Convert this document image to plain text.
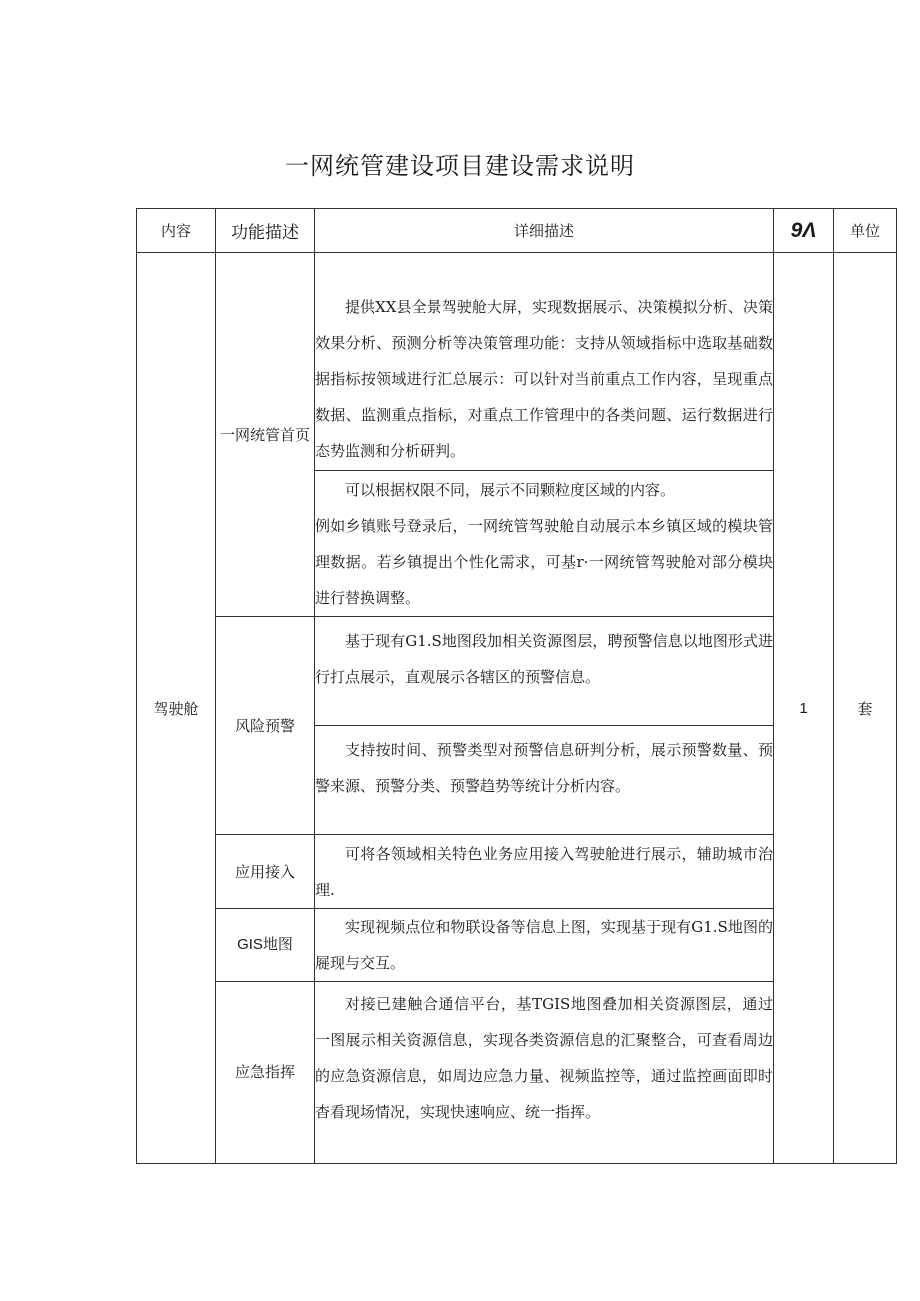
一网统管建设项目建设需求说明
内容	功能描述	详细描述	9Λ	单位
驾驶舱	一网统管首页	提供XX县全景驾驶舱大屏，实现数据展示、决策模拟分析、决策效果分析、预测分析等决策管理功能：支持从领域指标中选取基础数据指标按领域进行汇总展示：可以针对当前重点工作内容，呈现重点数据、监测重点指标，对重点工作管理中的各类问题、运行数据进行态势监测和分析研判。	1	套

		可以根据权限不同，展示不同颗粒度区域的内容。

例如乡镇账号登录后，一网统管驾驶舱自动展示本乡镇区域的模块管理数据。若乡镇提出个性化需求，可基r·一网统管驾驶舱对部分模块进行替换调整。		

	风险预警	基于现有G1.S地图段加相关资源图层，聘预警信息以地图形式进行打点展示，直观展示各辖区的预警信息。		

		支持按时间、预警类型对预警信息研判分析，展示预警数量、预警来源、预警分类、预警趋势等统计分析内容。		

	应用接入	可将各领域相关特色业务应用接入驾驶舱进行展示，辅助城市治理.		

	GIS地图	实现视频点位和物联设备等信息上图，实现基于现有G1.S地图的屣现与交互。		

	应急指挥	对接已建触合通信平台，基TGIS地图叠加相关资源图层，通过一图展示相关资源信息，实现各类资源信息的汇聚整合，可查看周边的应急资源信息，如周边应急力量、视频监控等，通过监控画面即时杳看现场情况，实现快速响应、统一指挥。		
